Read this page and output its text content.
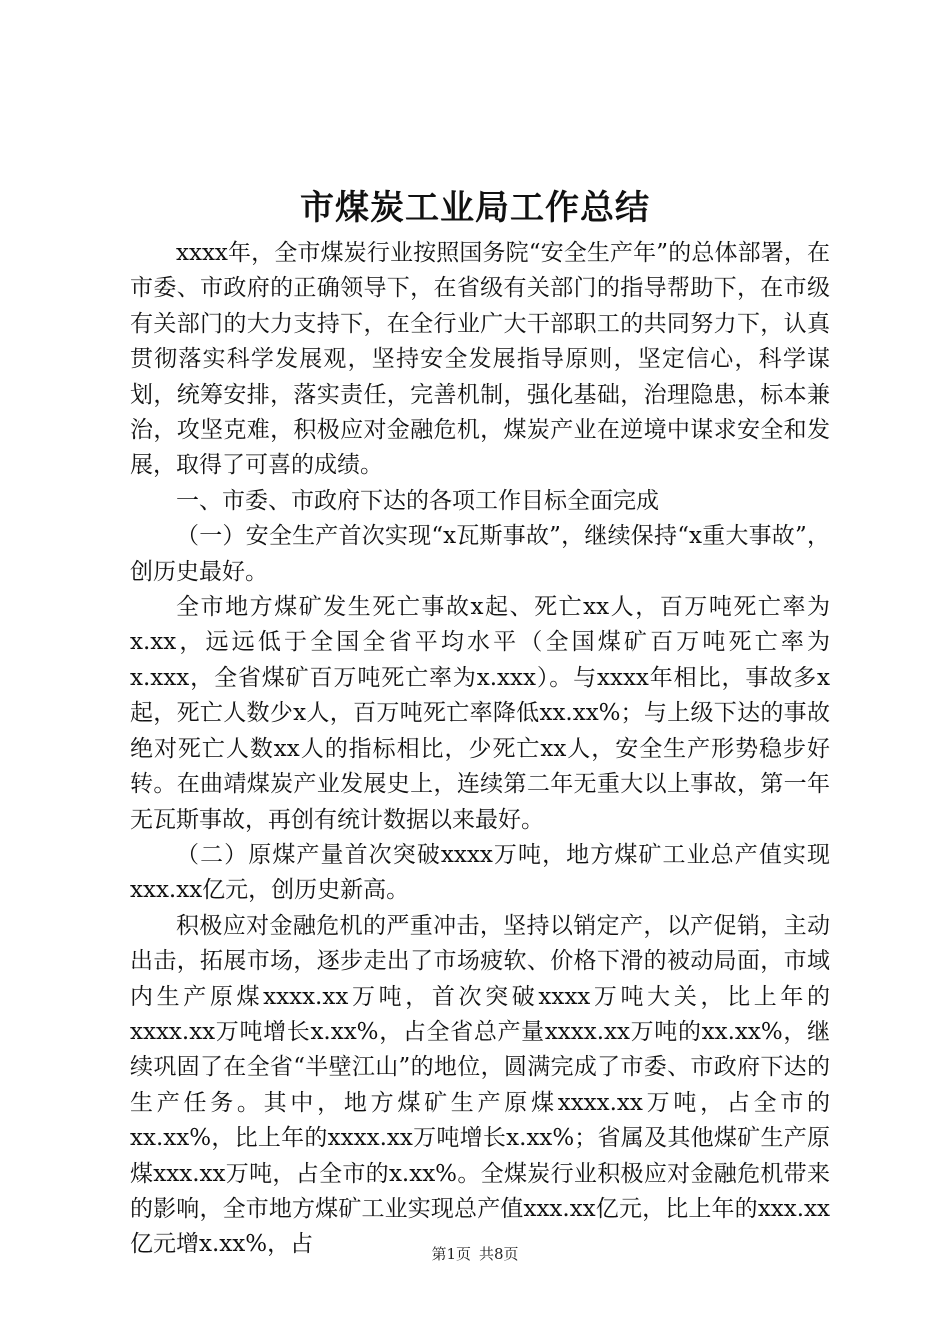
市煤炭工业局工作总结

xxxx年，全市煤炭行业按照国务院“安全生产年”的总体部署，在市委、市政府的正确领导下，在省级有关部门的指导帮助下，在市级有关部门的大力支持下，在全行业广大干部职工的共同努力下，认真贯彻落实科学发展观，坚持安全发展指导原则，坚定信心，科学谋划，统筹安排，落实责任，完善机制，强化基础，治理隐患，标本兼治，攻坚克难，积极应对金融危机，煤炭产业在逆境中谋求安全和发展，取得了可喜的成绩。

一、市委、市政府下达的各项工作目标全面完成

（一）安全生产首次实现“x瓦斯事故”，继续保持“x重大事故”，创历史最好。

全市地方煤矿发生死亡事故x起、死亡xx人，百万吨死亡率为x.xx，远远低于全国全省平均水平（全国煤矿百万吨死亡率为x.xxx，全省煤矿百万吨死亡率为x.xxx）。与xxxx年相比，事故多x起，死亡人数少x人，百万吨死亡率降低xx.xx%；与上级下达的事故绝对死亡人数xx人的指标相比，少死亡xx人，安全生产形势稳步好转。在曲靖煤炭产业发展史上，连续第二年无重大以上事故，第一年无瓦斯事故，再创有统计数据以来最好。

（二）原煤产量首次突破xxxx万吨，地方煤矿工业总产值实现xxx.xx亿元，创历史新高。

积极应对金融危机的严重冲击，坚持以销定产，以产促销，主动出击，拓展市场，逐步走出了市场疲软、价格下滑的被动局面，市域内生产原煤xxxx.xx万吨，首次突破xxxx万吨大关，比上年的xxxx.xx万吨增长x.xx%，占全省总产量xxxx.xx万吨的xx.xx%，继续巩固了在全省“半壁江山”的地位，圆满完成了市委、市政府下达的生产任务。其中，地方煤矿生产原煤xxxx.xx万吨，占全市的xx.xx%，比上年的xxxx.xx万吨增长x.xx%；省属及其他煤矿生产原煤xxx.xx万吨，占全市的x.xx%。全煤炭行业积极应对金融危机带来的影响，全市地方煤矿工业实现总产值xxx.xx亿元，比上年的xxx.xx亿元增x.xx%，占	第1页 共8页
